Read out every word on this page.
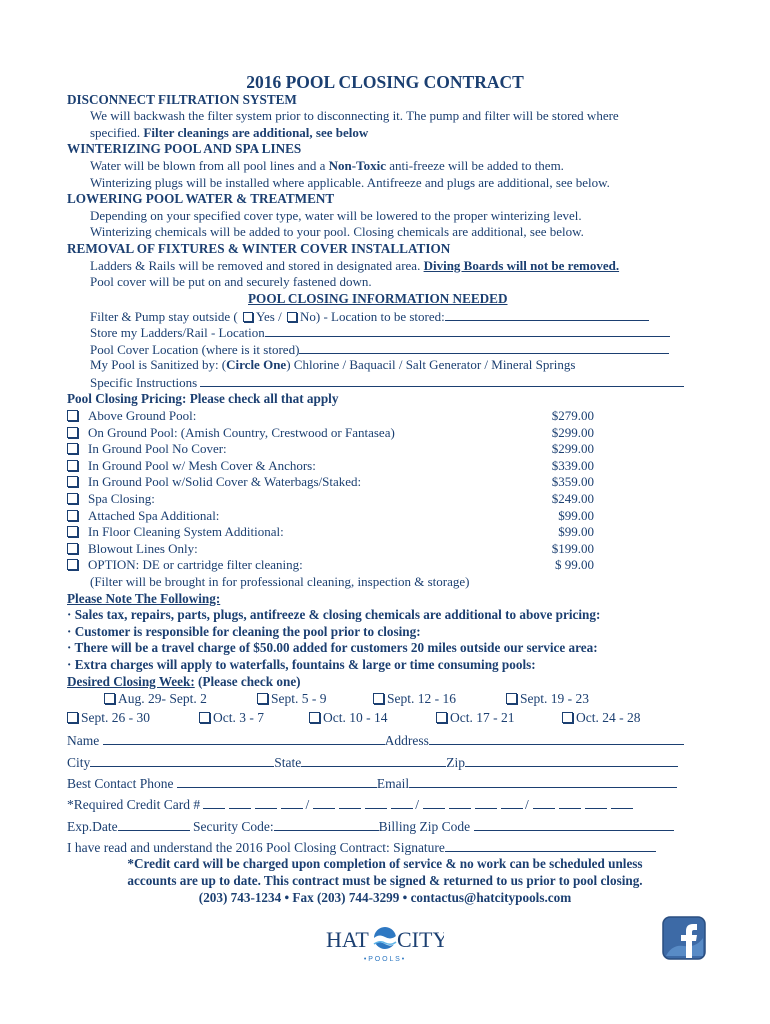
2016 POOL CLOSING CONTRACT
DISCONNECT FILTRATION SYSTEM
We will backwash the filter system prior to disconnecting it. The pump and filter will be stored where
specified. Filter cleanings are additional, see below
WINTERIZING POOL AND SPA LINES
Water will be blown from all pool lines and a Non-Toxic anti-freeze will be added to them.
Winterizing plugs will be installed where applicable. Antifreeze and plugs are additional, see below.
LOWERING POOL WATER & TREATMENT
Depending on your specified cover type, water will be lowered to the proper winterizing level.
Winterizing chemicals will be added to your pool. Closing chemicals are additional, see below.
REMOVAL OF FIXTURES & WINTER COVER INSTALLATION
Ladders & Rails will be removed and stored in designated area. Diving Boards will not be removed.
Pool cover will be put on and securely fastened down.
POOL CLOSING INFORMATION NEEDED
Filter & Pump stay outside ( Yes / No) - Location to be stored:
Store my Ladders/Rail - Location
Pool Cover Location (where is it stored)
My Pool is Sanitized by: (Circle One) Chlorine / Baquacil / Salt Generator / Mineral Springs
Specific Instructions
Pool Closing Pricing: Please check all that apply
Above Ground Pool:	$279.00
On Ground Pool: (Amish Country, Crestwood or Fantasea)	$299.00
In Ground Pool No Cover:	$299.00
In Ground Pool w/ Mesh Cover & Anchors:	$339.00
In Ground Pool w/Solid Cover & Waterbags/Staked:	$359.00
Spa Closing:	$249.00
Attached Spa Additional:	$99.00
In Floor Cleaning System Additional:	$99.00
Blowout Lines Only:	$199.00
OPTION: DE or cartridge filter cleaning:	$ 99.00
(Filter will be brought in for professional cleaning, inspection & storage)
Please Note The Following:
· Sales tax, repairs, parts, plugs, antifreeze & closing chemicals are additional to above pricing:
· Customer is responsible for cleaning the pool prior to closing:
· There will be a travel charge of $50.00 added for customers 20 miles outside our service area:
· Extra charges will apply to waterfalls, fountains & large or time consuming pools:
Desired Closing Week: (Please check one)
Aug. 29- Sept. 2	Sept. 5 - 9	Sept. 12 - 16	Sept. 19 - 23
Sept. 26 - 30	Oct. 3 - 7	Oct. 10 - 14	Oct. 17 - 21	Oct. 24 - 28
Name	Address
City	State	Zip
Best Contact Phone	Email
*Required Credit Card #	/	/	/
Exp.Date	Security Code:	Billing Zip Code
I have read and understand the 2016 Pool Closing Contract: Signature
*Credit card will be charged upon completion of service & no work can be scheduled unless
accounts are up to date. This contract must be signed & returned to us prior to pool closing.
(203) 743-1234 • Fax (203) 744-3299 • contactus@hatcitypools.com
HAT CITY
• P O O L S •
